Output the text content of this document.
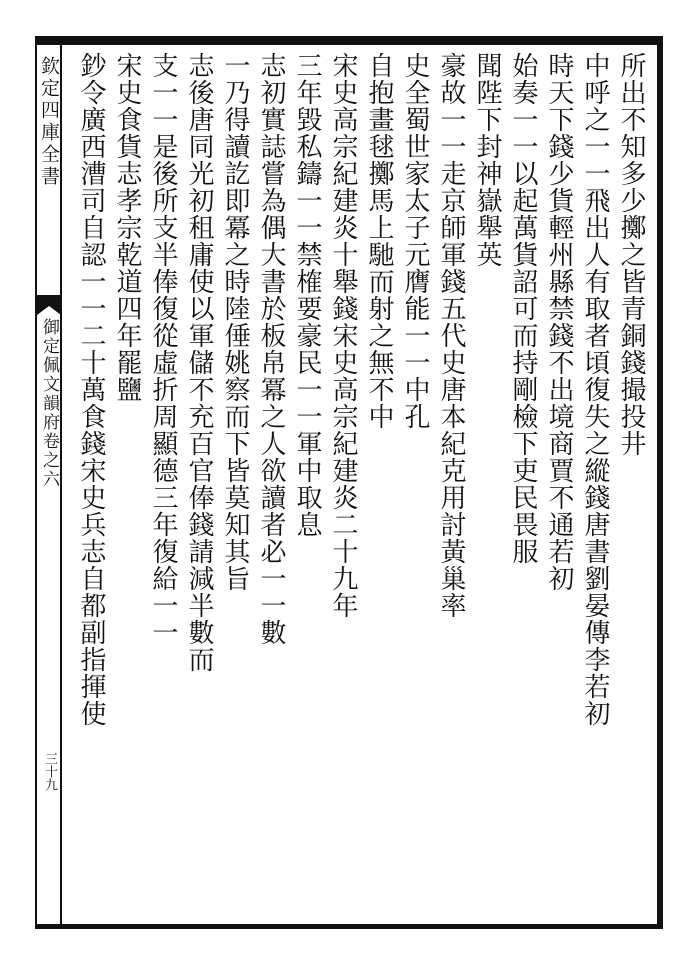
欽定四庫全書
御定佩文韻府卷之六
三十九
所出不知多少擲之皆青銅錢撮投井
中呼之一一飛出人有取者頃復失之縱錢唐書劉晏傳李若初
時天下錢少貨輕州縣禁錢不出境商賈不通若初
始奏一一以起萬貨詔可而持剛檢下吏民畏服
聞陛下封神嶽舉英
豪故一一走京師軍錢五代史唐本紀克用討黃巢率
史全蜀世家太子元膺能一一中孔
自抱畫毬擲馬上馳而射之無不中
宋史高宗紀建炎十舉錢宋史高宗紀建炎二十九年
三年毀私鑄一一禁榷要豪民一一軍中取息
志初實誌嘗為偶大書於板帛冪之人欲讀者必一一數
一乃得讀訖即冪之時陸倕姚察而下皆莫知其旨
志後唐同光初租庸使以軍儲不充百官俸錢請減半數而
支一一是後所支半俸復從虛折周顯德三年復給一一
宋史食貨志孝宗乾道四年罷鹽
鈔令廣西漕司自認一一二十萬食錢宋史兵志自都副指揮使
